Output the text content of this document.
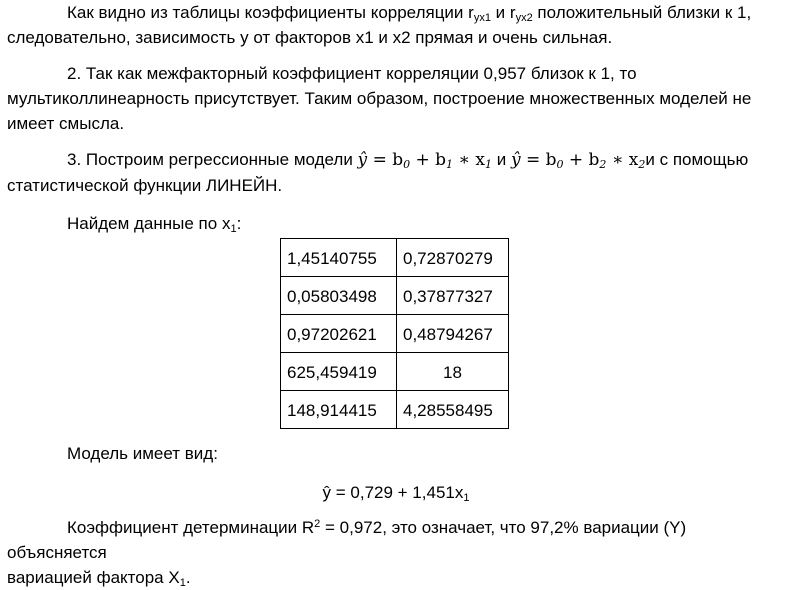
Как видно из таблицы коэффициенты корреляции $r_{yx1}$ и $r_{yx2}$ положительный близки к 1,
следовательно, зависимость y от факторов x1 и x2 прямая и очень сильная.

2. Так как межфакторный коэффициент корреляции 0,957 близок к 1, то
мультиколлинеарность присутствует. Таким образом, построение множественных моделей не
имеет смысла.

3. Построим регрессионные модели ŷ = $b_0 + b_1$ ∗ $x_1$ и ŷ = $b_0 + b_2$ ∗ $x_2и$ с помощью
статистической функции ЛИНЕЙН.

Найдем данные по $x_1$:

1,45140755	0,72870279
0,05803498	0,37877327
0,97202621	0,48794267
625,459419	18
148,914415	4,28558495

Модель имеет вид:

ŷ = $0,729 + 1,451x_1$

Коэффициент детерминации $R^2 = 0,972$, это означает, что 97,2% вариации (Y) объясняется
вариацией фактора $X_1$.
